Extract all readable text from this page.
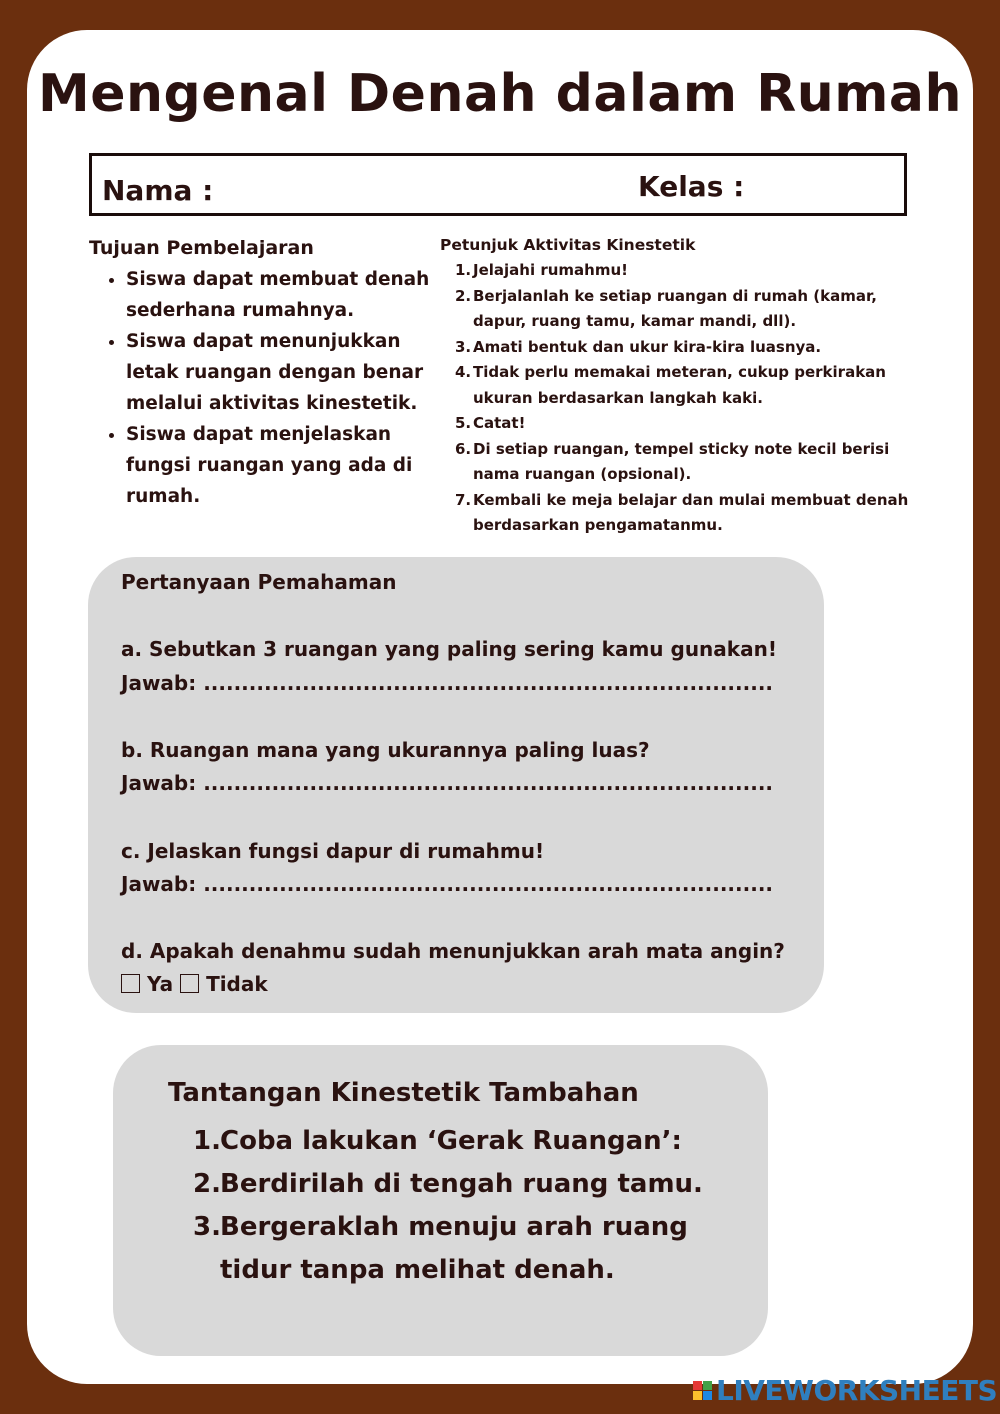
Mengenal Denah dalam Rumah
Nama :	Kelas :
Tujuan Pembelajaran
• Siswa dapat membuat denah sederhana rumahnya.
• Siswa dapat menunjukkan letak ruangan dengan benar melalui aktivitas kinestetik.
• Siswa dapat menjelaskan fungsi ruangan yang ada di rumah.
Petunjuk Aktivitas Kinestetik
1. Jelajahi rumahmu!
2. Berjalanlah ke setiap ruangan di rumah (kamar, dapur, ruang tamu, kamar mandi, dll).
3. Amati bentuk dan ukur kira-kira luasnya.
4. Tidak perlu memakai meteran, cukup perkirakan ukuran berdasarkan langkah kaki.
5. Catat!
6. Di setiap ruangan, tempel sticky note kecil berisi nama ruangan (opsional).
7. Kembali ke meja belajar dan mulai membuat denah berdasarkan pengamatanmu.
Pertanyaan Pemahaman
a. Sebutkan 3 ruangan yang paling sering kamu gunakan!
Jawab: ...........................................................................
b. Ruangan mana yang ukurannya paling luas?
Jawab: ...........................................................................
c. Jelaskan fungsi dapur di rumahmu!
Jawab: ...........................................................................
d. Apakah denahmu sudah menunjukkan arah mata angin?
Ya Tidak
Tantangan Kinestetik Tambahan
1. Coba lakukan ‘Gerak Ruangan’:
2. Berdirilah di tengah ruang tamu.
3. Bergeraklah menuju arah ruang tidur tanpa melihat denah.
LIVEWORKSHEETS
